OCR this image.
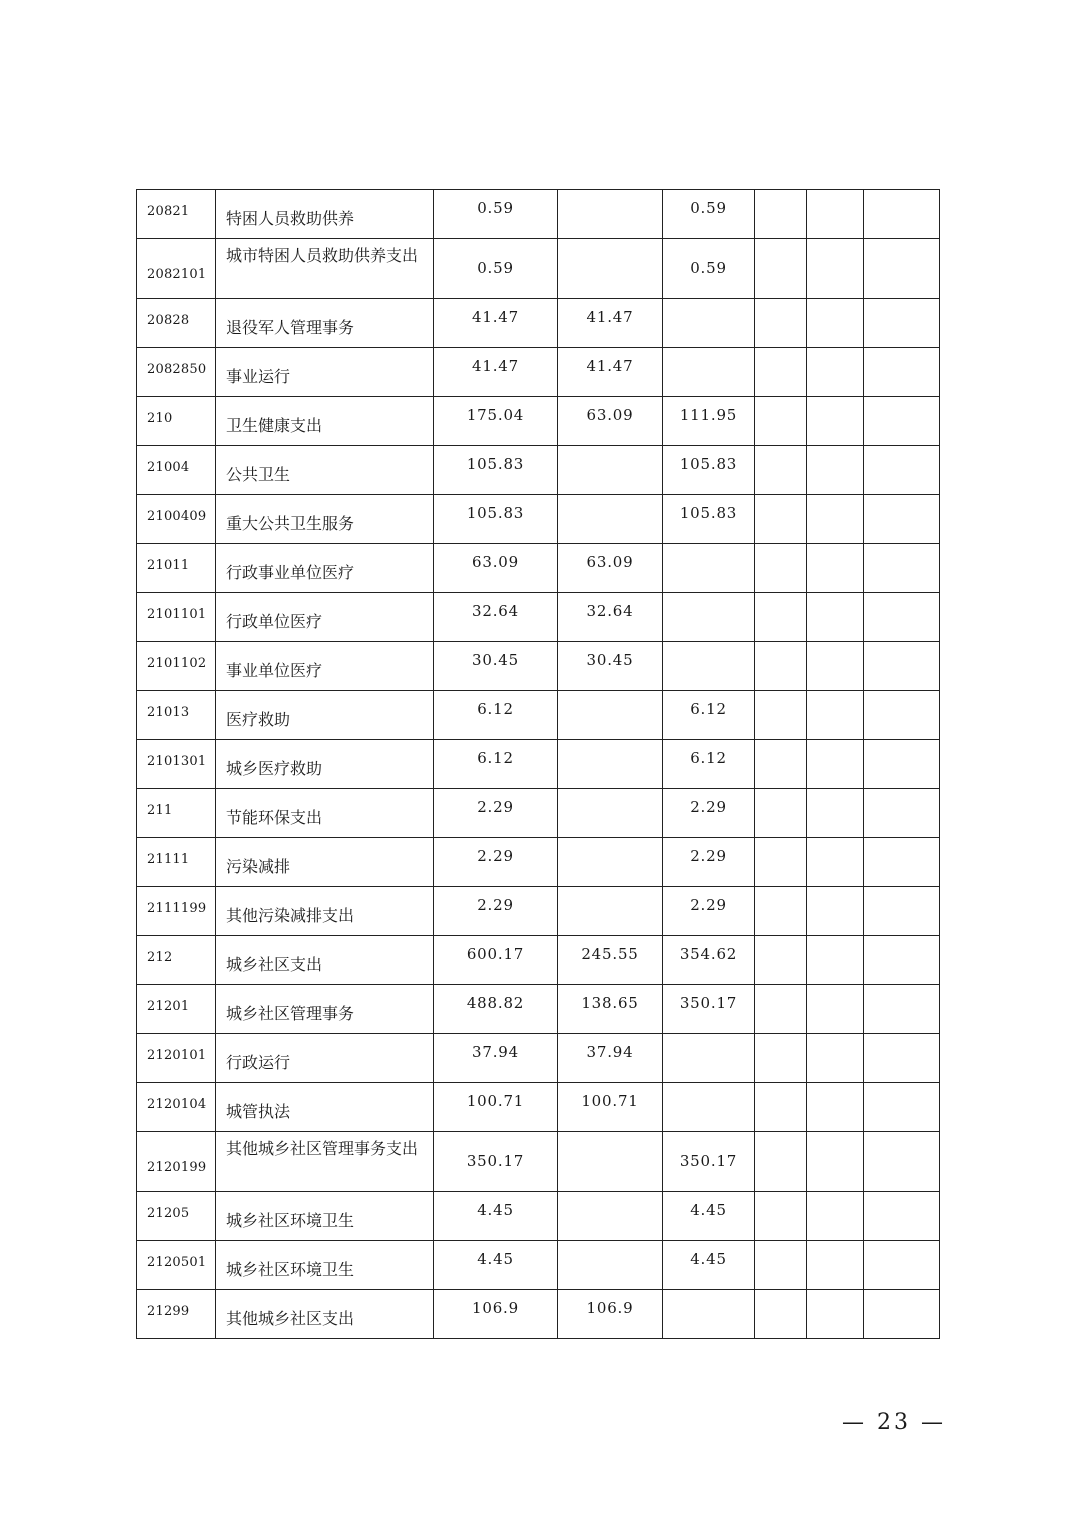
20821	特困人员救助供养	0.59		0.59			
2082101	城市特困人员救助供养支出	0.59		0.59			
20828	退役军人管理事务	41.47	41.47				
2082850	事业运行	41.47	41.47				
210	卫生健康支出	175.04	63.09	111.95			
21004	公共卫生	105.83		105.83			
2100409	重大公共卫生服务	105.83		105.83			
21011	行政事业单位医疗	63.09	63.09				
2101101	行政单位医疗	32.64	32.64				
2101102	事业单位医疗	30.45	30.45				
21013	医疗救助	6.12		6.12			
2101301	城乡医疗救助	6.12		6.12			
211	节能环保支出	2.29		2.29			
21111	污染减排	2.29		2.29			
2111199	其他污染减排支出	2.29		2.29			
212	城乡社区支出	600.17	245.55	354.62			
21201	城乡社区管理事务	488.82	138.65	350.17			
2120101	行政运行	37.94	37.94				
2120104	城管执法	100.71	100.71				
2120199	其他城乡社区管理事务支出	350.17		350.17			
21205	城乡社区环境卫生	4.45		4.45			
2120501	城乡社区环境卫生	4.45		4.45			
21299	其他城乡社区支出	106.9	106.9				
— 23 —
